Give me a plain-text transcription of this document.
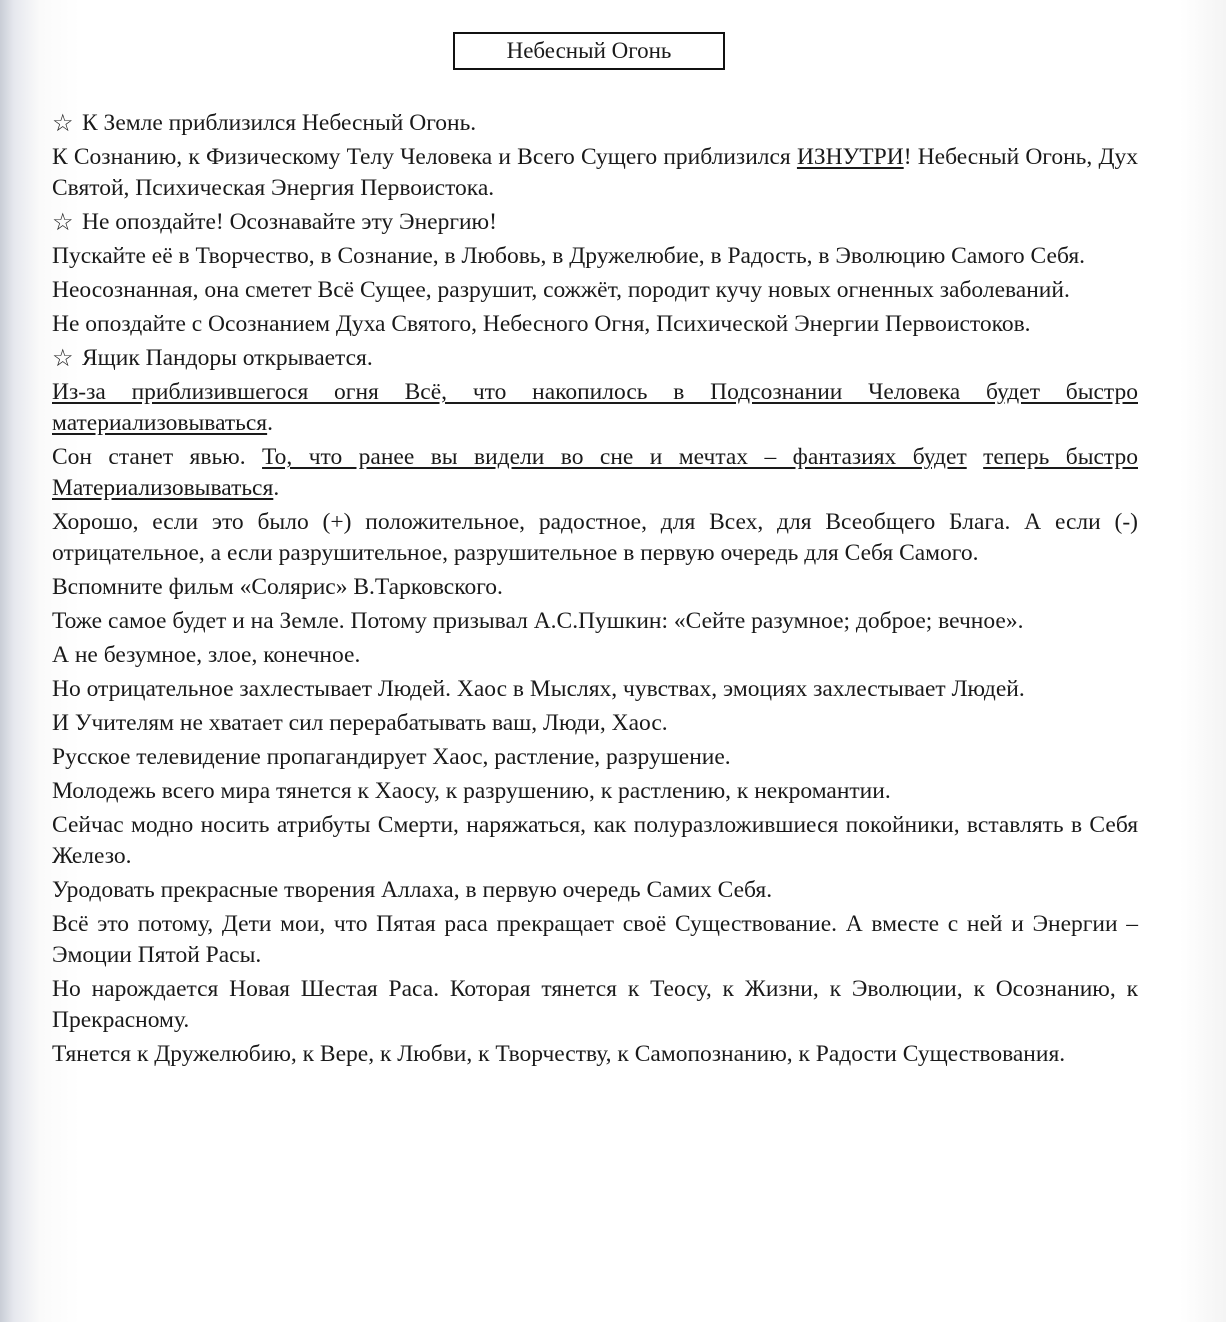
Небесный Огонь

☆ К Земле приблизился Небесный Огонь.

К Сознанию, к Физическому Телу Человека и Всего Сущего приблизился ИЗНУТРИ! Небесный Огонь, Дух Святой, Психическая Энергия Первоистока.

☆ Не опоздайте! Осознавайте эту Энергию!

Пускайте её в Творчество, в Сознание, в Любовь, в Дружелюбие, в Радость, в Эволюцию Самого Себя.

Неосознанная, она сметет Всё Сущее, разрушит, сожжёт, породит кучу новых огненных заболеваний.

Не опоздайте с Осознанием Духа Святого, Небесного Огня, Психической Энергии Первоистоков.

☆ Ящик Пандоры открывается.

Из-за приблизившегося огня Всё, что накопилось в Подсознании Человека будет быстро материализовываться.

Сон станет явью. То, что ранее вы видели во сне и мечтах – фантазиях будет теперь быстро Материализовываться.

Хорошо, если это было (+) положительное, радостное, для Всех, для Всеобщего Блага. А если (-) отрицательное, а если разрушительное, разрушительное в первую очередь для Себя Самого.

Вспомните фильм «Солярис» В.Тарковского.

Тоже самое будет и на Земле. Потому призывал А.С.Пушкин: «Сейте разумное; доброе; вечное».

А не безумное, злое, конечное.

Но отрицательное захлестывает Людей. Хаос в Мыслях, чувствах, эмоциях захлестывает Людей.

И Учителям не хватает сил перерабатывать ваш, Люди, Хаос.

Русское телевидение пропагандирует Хаос, растление, разрушение.

Молодежь всего мира тянется к Хаосу, к разрушению, к растлению, к некромантии.

Сейчас модно носить атрибуты Смерти, наряжаться, как полуразложившиеся покойники, вставлять в Себя Железо.

Уродовать прекрасные творения Аллаха, в первую очередь Самих Себя.

Всё это потому, Дети мои, что Пятая раса прекращает своё Существование. А вместе с ней и Энергии – Эмоции Пятой Расы.

Но нарождается Новая Шестая Раса. Которая тянется к Теосу, к Жизни, к Эволюции, к Осознанию, к Прекрасному.

Тянется к Дружелюбию, к Вере, к Любви, к Творчеству, к Самопознанию, к Радости Существования.
